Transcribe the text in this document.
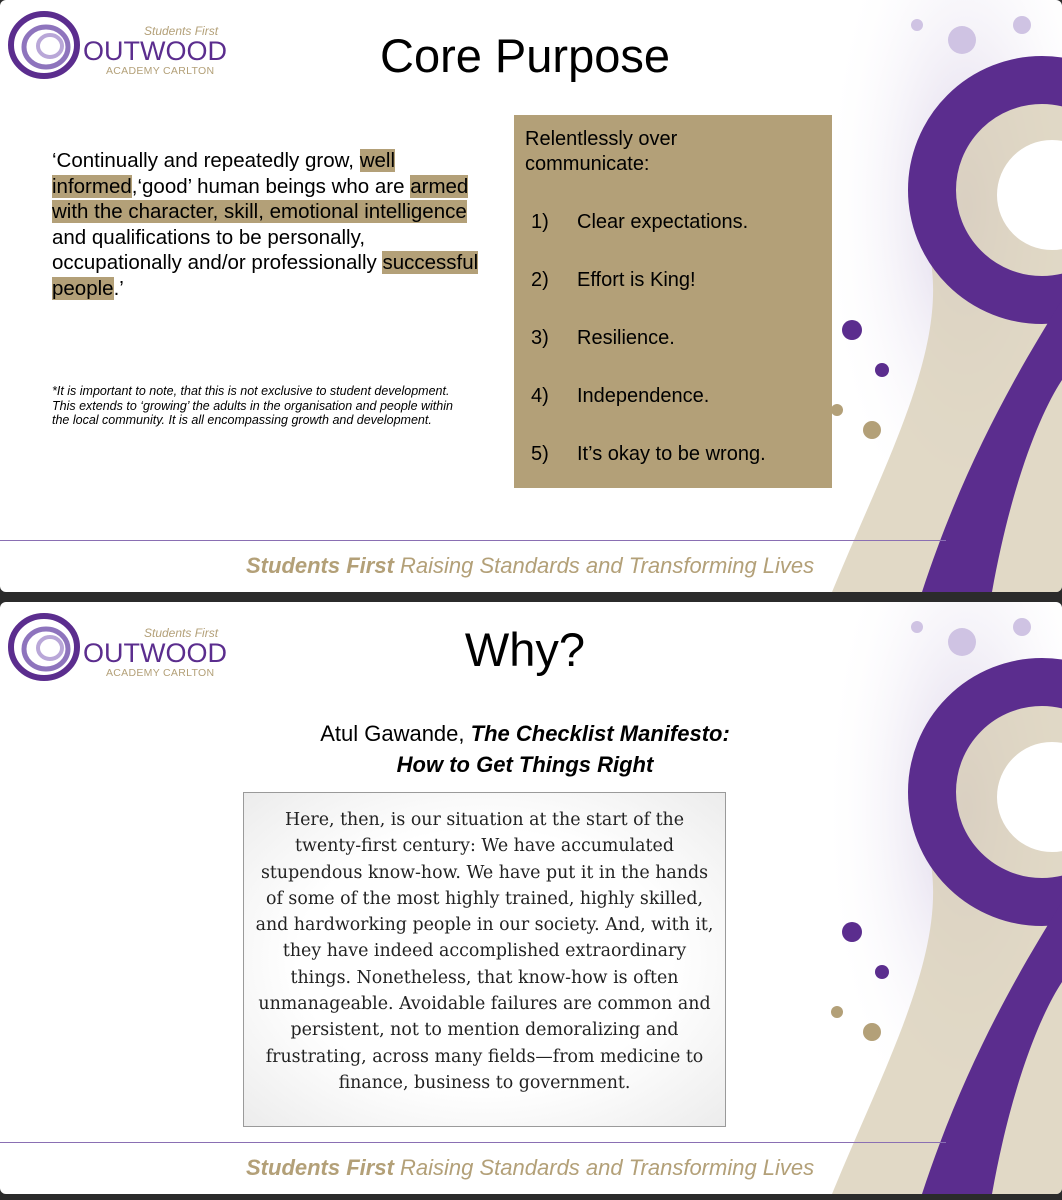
Students First
OUTWOOD
ACADEMY CARLTON	Core Purpose
‘Continually and repeatedly grow, well informed,‘good’ human beings who are armed with the character, skill, emotional intelligence and qualifications to be personally, occupationally and/or professionally successful people.’
*It is important to note, that this is not exclusive to student development. This extends to ‘growing’ the adults in the organisation and people within the local community. It is all encompassing growth and development.
Relentlessly over communicate:
1) Clear expectations.
2) Effort is King!
3) Resilience.
4) Independence.
5) It’s okay to be wrong.
Students First Raising Standards and Transforming Lives
Students First
OUTWOOD
ACADEMY CARLTON	Why?
Atul Gawande, The Checklist Manifesto:
How to Get Things Right
Here, then, is our situation at the start of the twenty-first century: We have accumulated stupendous know-how. We have put it in the hands of some of the most highly trained, highly skilled, and hardworking people in our society. And, with it, they have indeed accomplished extraordinary things. Nonetheless, that know-how is often unmanageable. Avoidable failures are common and persistent, not to mention demoralizing and frustrating, across many fields—from medicine to finance, business to government.
Students First Raising Standards and Transforming Lives
